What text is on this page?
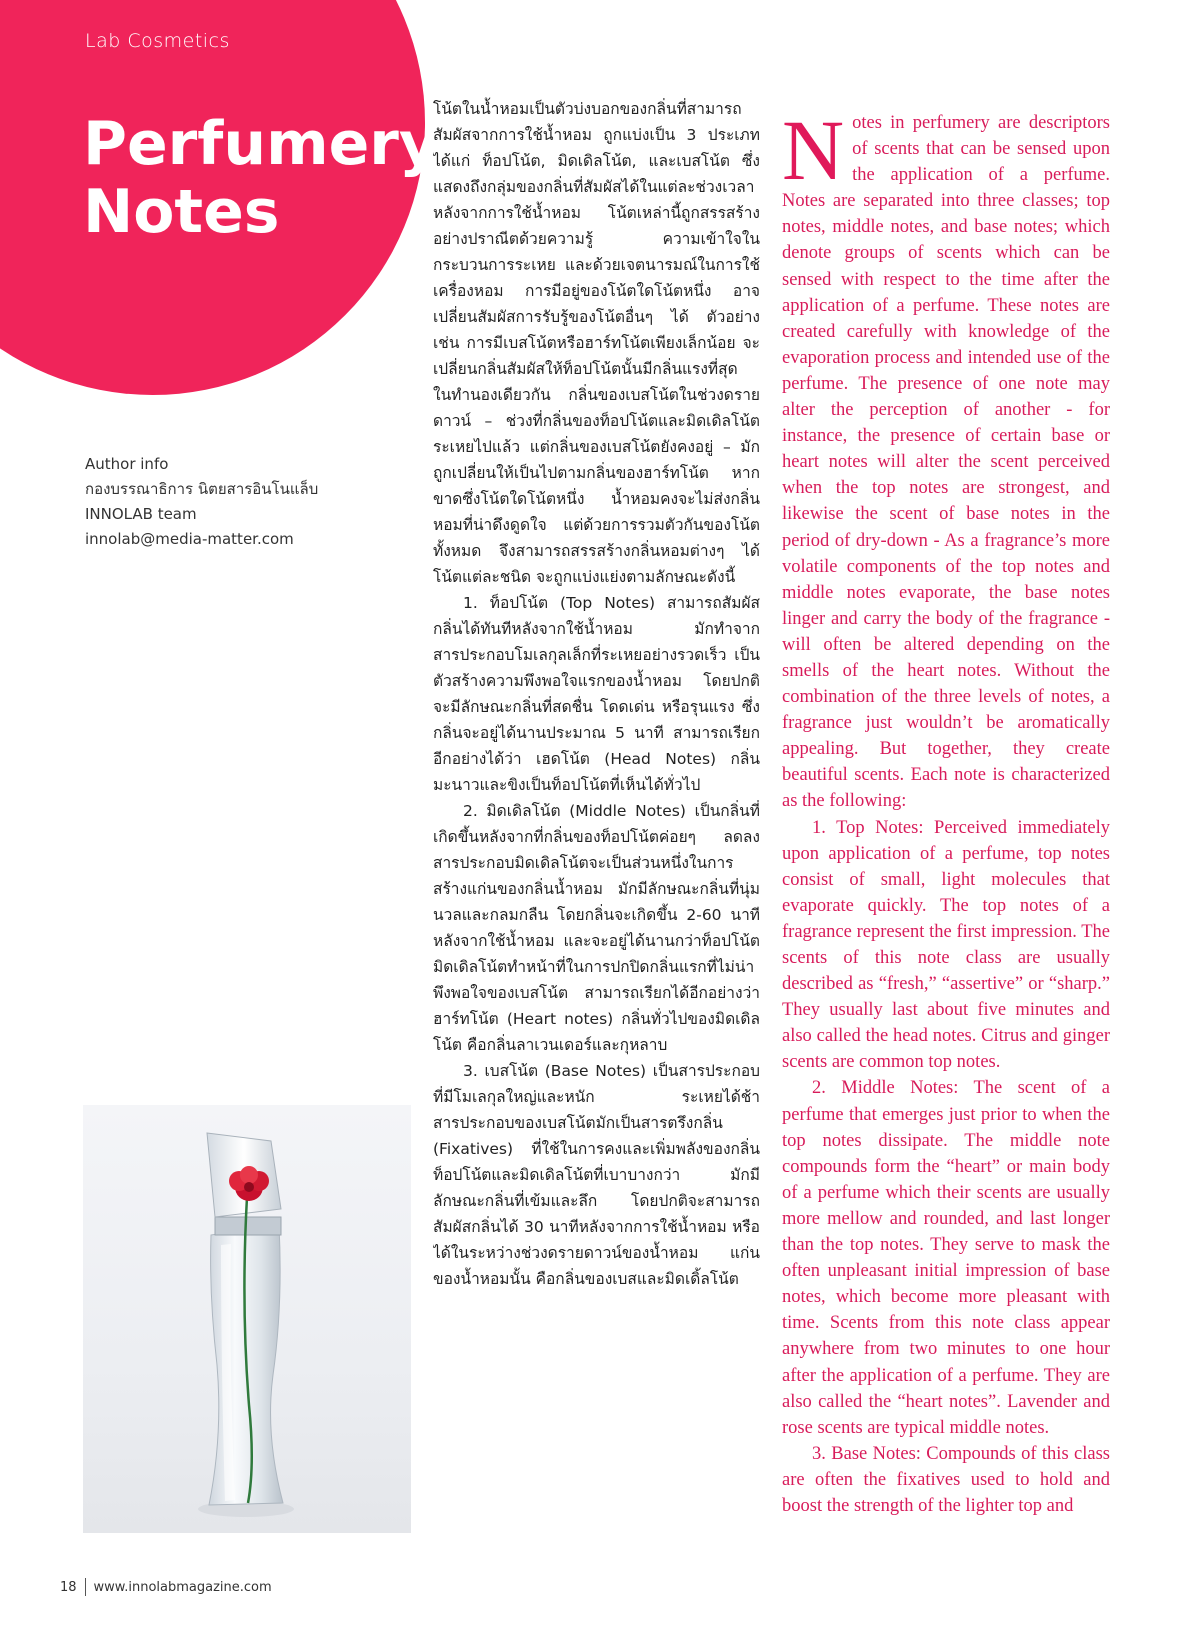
Lab Cosmetics
Perfumery
Notes
Author info
กองบรรณาธิการ นิตยสารอินโนแล็บ
INNOLAB team
innolab@media-matter.com

โน้ตในน้ำหอมเป็นตัวบ่งบอกของกลิ่นที่สามารถสัมผัสจากการใช้น้ำหอม ถูกแบ่งเป็น 3 ประเภท ได้แก่ ท็อปโน้ต, มิดเดิลโน้ต, และเบสโน้ต ซึ่งแสดงถึงกลุ่มของกลิ่นที่สัมผัสได้ในแต่ละช่วงเวลาหลังจากการใช้น้ำหอม โน้ตเหล่านี้ถูกสรรสร้างอย่างปราณีตด้วยความรู้ ความเข้าใจในกระบวนการระเหย และด้วยเจตนารมณ์ในการใช้เครื่องหอม การมีอยู่ของโน้ตใดโน้ตหนึ่ง อาจเปลี่ยนสัมผัสการรับรู้ของโน้ตอื่นๆ ได้ ตัวอย่างเช่น การมีเบสโน้ตหรือฮาร์ทโน้ตเพียงเล็กน้อย จะเปลี่ยนกลิ่นสัมผัสให้ท็อปโน้ตนั้นมีกลิ่นแรงที่สุด ในทำนองเดียวกัน กลิ่นของเบสโน้ตในช่วงดรายดาวน์ – ช่วงที่กลิ่นของท็อปโน้ตและมิดเดิลโน้ตระเหยไปแล้ว แต่กลิ่นของเบสโน้ตยังคงอยู่ – มักถูกเปลี่ยนให้เป็นไปตามกลิ่นของฮาร์ทโน้ต หากขาดซึ่งโน้ตใดโน้ตหนึ่ง น้ำหอมคงจะไม่ส่งกลิ่นหอมที่น่าดึงดูดใจ แต่ด้วยการรวมตัวกันของโน้ตทั้งหมด จึงสามารถสรรสร้างกลิ่นหอมต่างๆ ได้ โน้ตแต่ละชนิด จะถูกแบ่งแย่งตามลักษณะดังนี้

1. ท็อปโน้ต (Top Notes) สามารถสัมผัสกลิ่นได้ทันทีหลังจากใช้น้ำหอม มักทำจากสารประกอบโมเลกุลเล็กที่ระเหยอย่างรวดเร็ว เป็นตัวสร้างความพึงพอใจแรกของน้ำหอม โดยปกติจะมีลักษณะกลิ่นที่สดชื่น โดดเด่น หรือรุนแรง ซึ่งกลิ่นจะอยู่ได้นานประมาณ 5 นาที สามารถเรียกอีกอย่างได้ว่า เฮดโน้ต (Head Notes) กลิ่นมะนาวและขิงเป็นท็อปโน้ตที่เห็นได้ทั่วไป

2. มิดเดิลโน้ต (Middle Notes) เป็นกลิ่นที่เกิดขึ้นหลังจากที่กลิ่นของท็อปโน้ตค่อยๆ ลดลง สารประกอบมิดเดิลโน้ตจะเป็นส่วนหนึ่งในการสร้างแก่นของกลิ่นน้ำหอม มักมีลักษณะกลิ่นที่นุ่มนวลและกลมกลืน โดยกลิ่นจะเกิดขึ้น 2-60 นาทีหลังจากใช้น้ำหอม และจะอยู่ได้นานกว่าท็อปโน้ต มิดเดิลโน้ตทำหน้าที่ในการปกปิดกลิ่นแรกที่ไม่น่าพึงพอใจของเบสโน้ต สามารถเรียกได้อีกอย่างว่า ฮาร์ทโน้ต (Heart notes) กลิ่นทั่วไปของมิดเดิลโน้ต คือกลิ่นลาเวนเดอร์และกุหลาบ

3. เบสโน้ต (Base Notes) เป็นสารประกอบที่มีโมเลกุลใหญ่และหนัก ระเหยได้ช้า สารประกอบของเบสโน้ตมักเป็นสารตรึงกลิ่น (Fixatives) ที่ใช้ในการคงและเพิ่มพลังของกลิ่นท็อปโน้ตและมิดเดิลโน้ตที่เบาบางกว่า มักมีลักษณะกลิ่นที่เข้มและลึก โดยปกติจะสามารถสัมผัสกลิ่นได้ 30 นาทีหลังจากการใช้น้ำหอม หรือได้ในระหว่างช่วงดรายดาวน์ของน้ำหอม แก่นของน้ำหอมนั้น คือกลิ่นของเบสและมิดเดิ้ลโน้ต

Notes in perfumery are descriptors of scents that can be sensed upon the application of a perfume. Notes are separated into three classes; top notes, middle notes, and base notes; which denote groups of scents which can be sensed with respect to the time after the application of a perfume. These notes are created carefully with knowledge of the evaporation process and intended use of the perfume. The presence of one note may alter the perception of another - for instance, the presence of certain base or heart notes will alter the scent perceived when the top notes are strongest, and likewise the scent of base notes in the period of dry-down - As a fragrance’s more volatile components of the top notes and middle notes evaporate, the base notes linger and carry the body of the fragrance - will often be altered depending on the smells of the heart notes. Without the combination of the three levels of notes, a fragrance just wouldn’t be aromatically appealing. But together, they create beautiful scents. Each note is characterized as the following:

1. Top Notes: Perceived immediately upon application of a perfume, top notes consist of small, light molecules that evaporate quickly. The top notes of a fragrance represent the first impression. The scents of this note class are usually described as “fresh,” “assertive” or “sharp.” They usually last about five minutes and also called the head notes. Citrus and ginger scents are common top notes.

2. Middle Notes: The scent of a perfume that emerges just prior to when the top notes dissipate. The middle note compounds form the “heart” or main body of a perfume which their scents are usually more mellow and rounded, and last longer than the top notes. They serve to mask the often unpleasant initial impression of base notes, which become more pleasant with time. Scents from this note class appear anywhere from two minutes to one hour after the application of a perfume. They are also called the “heart notes”. Lavender and rose scents are typical middle notes.

3. Base Notes: Compounds of this class are often the fixatives used to hold and boost the strength of the lighter top and

18 www.innolabmagazine.com
